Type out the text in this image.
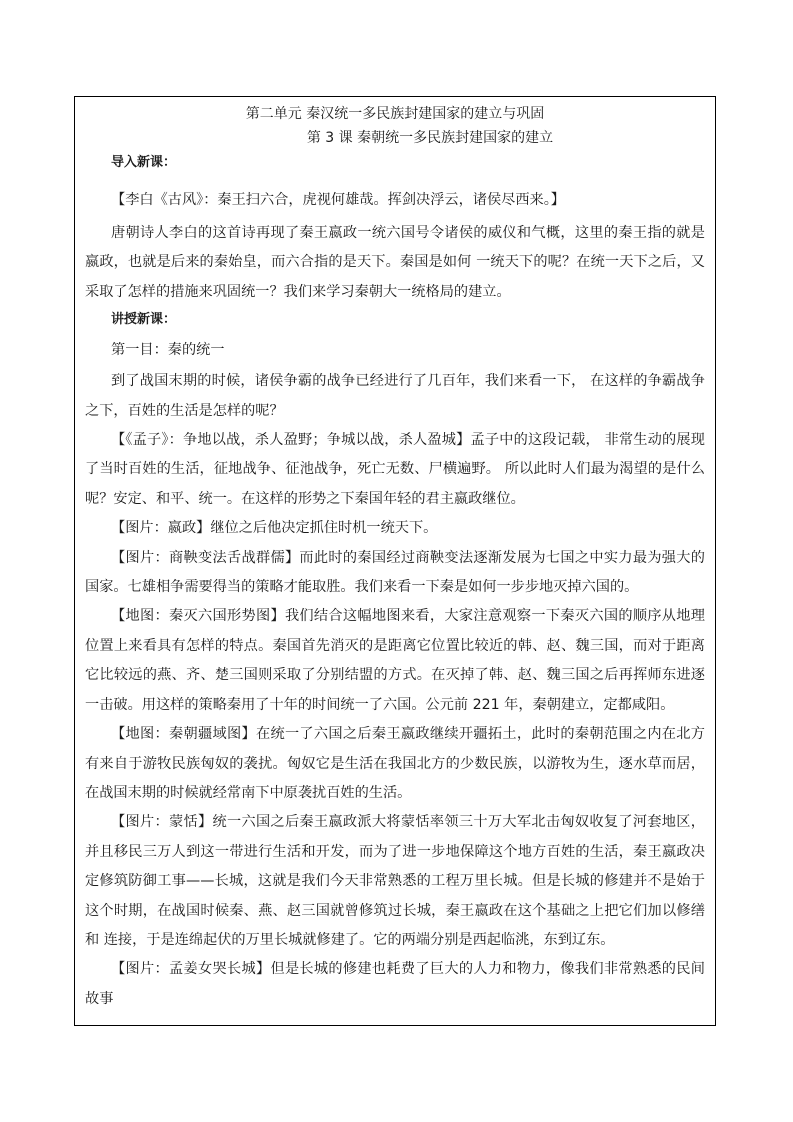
第二单元 秦汉统一多民族封建国家的建立与巩固
第 3 课 秦朝统一多民族封建国家的建立
导入新课：
【李白《古风》：秦王扫六合，虎视何雄哉。挥剑决浮云，诸侯尽西来。】

唐朝诗人李白的这首诗再现了秦王嬴政一统六国号令诸侯的威仪和气概，这里的秦王指的就是嬴政，也就是后来的秦始皇，而六合指的是天下。秦国是如何 一统天下的呢？在统一天下之后，又采取了怎样的措施来巩固统一？我们来学习秦朝大一统格局的建立。

讲授新课：
第一目：秦的统一

到了战国末期的时候，诸侯争霸的战争已经进行了几百年，我们来看一下， 在这样的争霸战争之下，百姓的生活是怎样的呢？

【《孟子》：争地以战，杀人盈野；争城以战，杀人盈城】孟子中的这段记载， 非常生动的展现了当时百姓的生活，征地战争、征池战争，死亡无数、尸横遍野。 所以此时人们最为渴望的是什么呢？安定、和平、统一。在这样的形势之下秦国年轻的君主嬴政继位。

【图片：嬴政】继位之后他决定抓住时机一统天下。

【图片：商鞅变法舌战群儒】而此时的秦国经过商鞅变法逐渐发展为七国之中实力最为强大的国家。七雄相争需要得当的策略才能取胜。我们来看一下秦是如何一步步地灭掉六国的。

【地图：秦灭六国形势图】我们结合这幅地图来看，大家注意观察一下秦灭六国的顺序从地理位置上来看具有怎样的特点。秦国首先消灭的是距离它位置比较近的韩、赵、魏三国，而对于距离它比较远的燕、齐、楚三国则采取了分别结盟的方式。在灭掉了韩、赵、魏三国之后再挥师东进逐一击破。用这样的策略秦用了十年的时间统一了六国。公元前 221 年，秦朝建立，定都咸阳。

【地图：秦朝疆域图】在统一了六国之后秦王嬴政继续开疆拓土，此时的秦朝范围之内在北方有来自于游牧民族匈奴的袭扰。匈奴它是生活在我国北方的少数民族，以游牧为生，逐水草而居，在战国末期的时候就经常南下中原袭扰百姓的生活。

【图片：蒙恬】统一六国之后秦王嬴政派大将蒙恬率领三十万大军北击匈奴收复了河套地区，并且移民三万人到这一带进行生活和开发，而为了进一步地保障这个地方百姓的生活，秦王嬴政决定修筑防御工事——长城，这就是我们今天非常熟悉的工程万里长城。但是长城的修建并不是始于这个时期，在战国时候秦、燕、赵三国就曾修筑过长城，秦王嬴政在这个基础之上把它们加以修缮和 连接，于是连绵起伏的万里长城就修建了。它的两端分别是西起临洮，东到辽东。

【图片：孟姜女哭长城】但是长城的修建也耗费了巨大的人力和物力，像我们非常熟悉的民间故事
